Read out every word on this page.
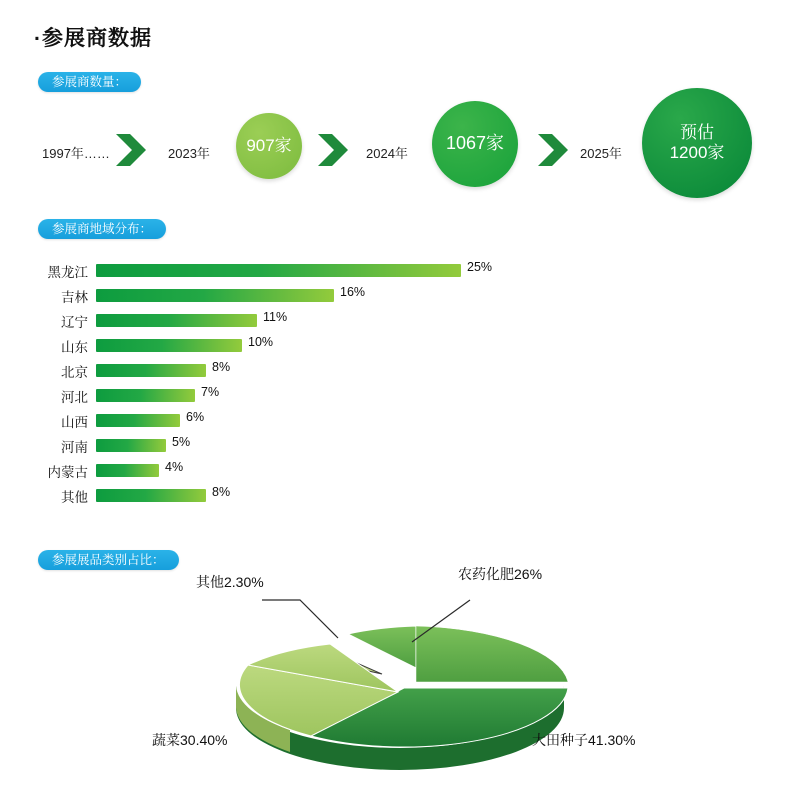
·参展商数据
参展商数量：
1997年……	2023年 907家	2024年
1067家
2025年
预估
1200家
参展商地域分布：
黑龙江	25%
吉林	16%
辽宁	11%
山东	10%
北京	8%
河北	7%
山西	6%
河南	5%
内蒙古	4%
其他	8%
参展展品类别占比：
其他2.30%	农药化肥26%
蔬菜30.40%	大田种子41.30%
